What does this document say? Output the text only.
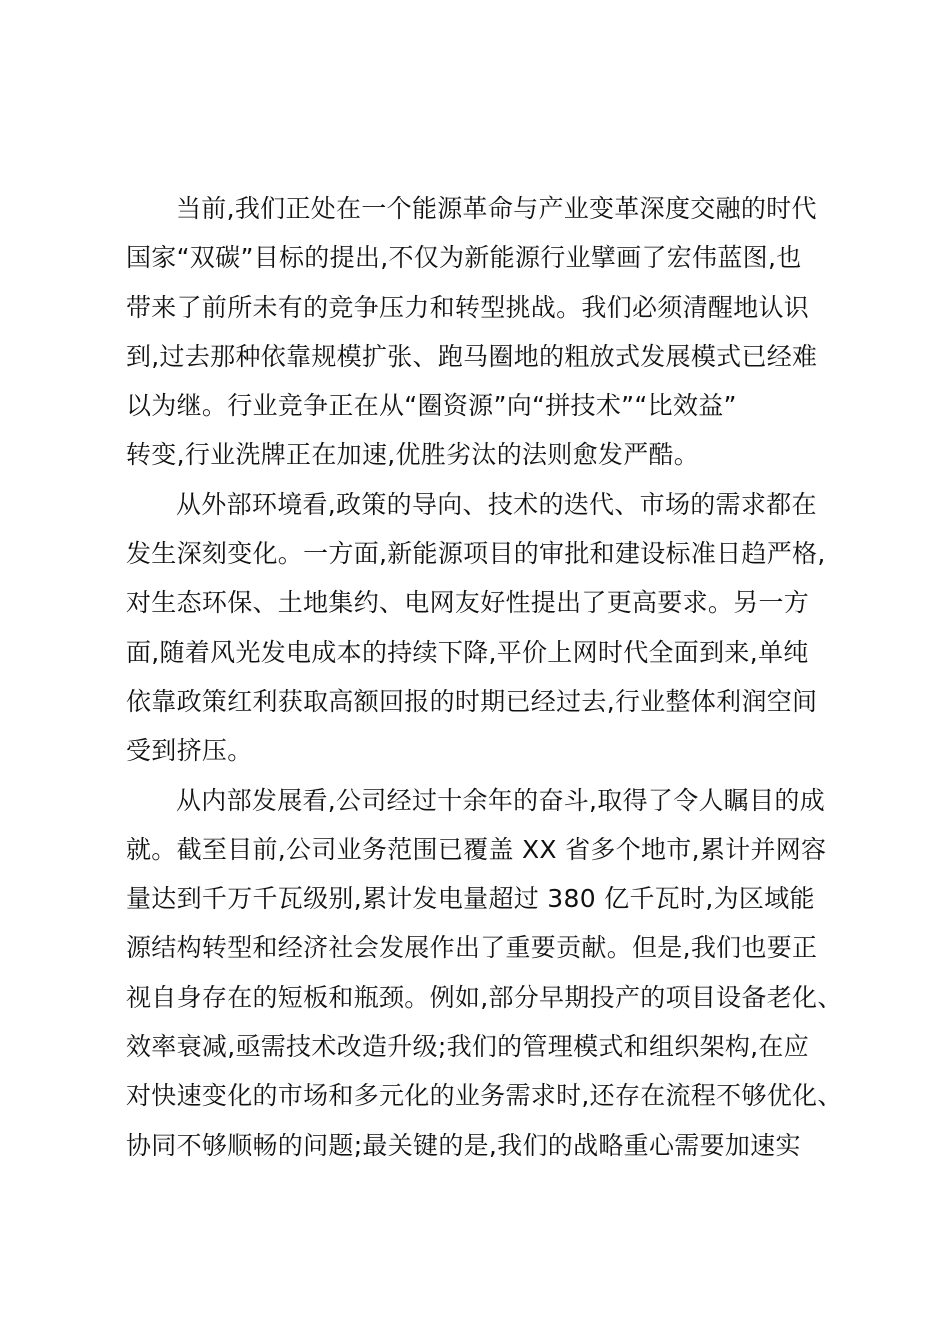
当前,我们正处在一个能源革命与产业变革深度交融的时代
国家“双碳”目标的提出,不仅为新能源行业擘画了宏伟蓝图,也
带来了前所未有的竞争压力和转型挑战。我们必须清醒地认识
到,过去那种依靠规模扩张、跑马圈地的粗放式发展模式已经难
以为继。行业竞争正在从“圈资源”向“拼技术”“比效益”
转变,行业洗牌正在加速,优胜劣汰的法则愈发严酷。
从外部环境看,政策的导向、技术的迭代、市场的需求都在
发生深刻变化。一方面,新能源项目的审批和建设标准日趋严格,
对生态环保、土地集约、电网友好性提出了更高要求。另一方
面,随着风光发电成本的持续下降,平价上网时代全面到来,单纯
依靠政策红利获取高额回报的时期已经过去,行业整体利润空间
受到挤压。
从内部发展看,公司经过十余年的奋斗,取得了令人瞩目的成
就。截至目前,公司业务范围已覆盖 XX 省多个地市,累计并网容
量达到千万千瓦级别,累计发电量超过 380 亿千瓦时,为区域能
源结构转型和经济社会发展作出了重要贡献。但是,我们也要正
视自身存在的短板和瓶颈。例如,部分早期投产的项目设备老化、
效率衰减,亟需技术改造升级;我们的管理模式和组织架构,在应
对快速变化的市场和多元化的业务需求时,还存在流程不够优化、
协同不够顺畅的问题;最关键的是,我们的战略重心需要加速实
